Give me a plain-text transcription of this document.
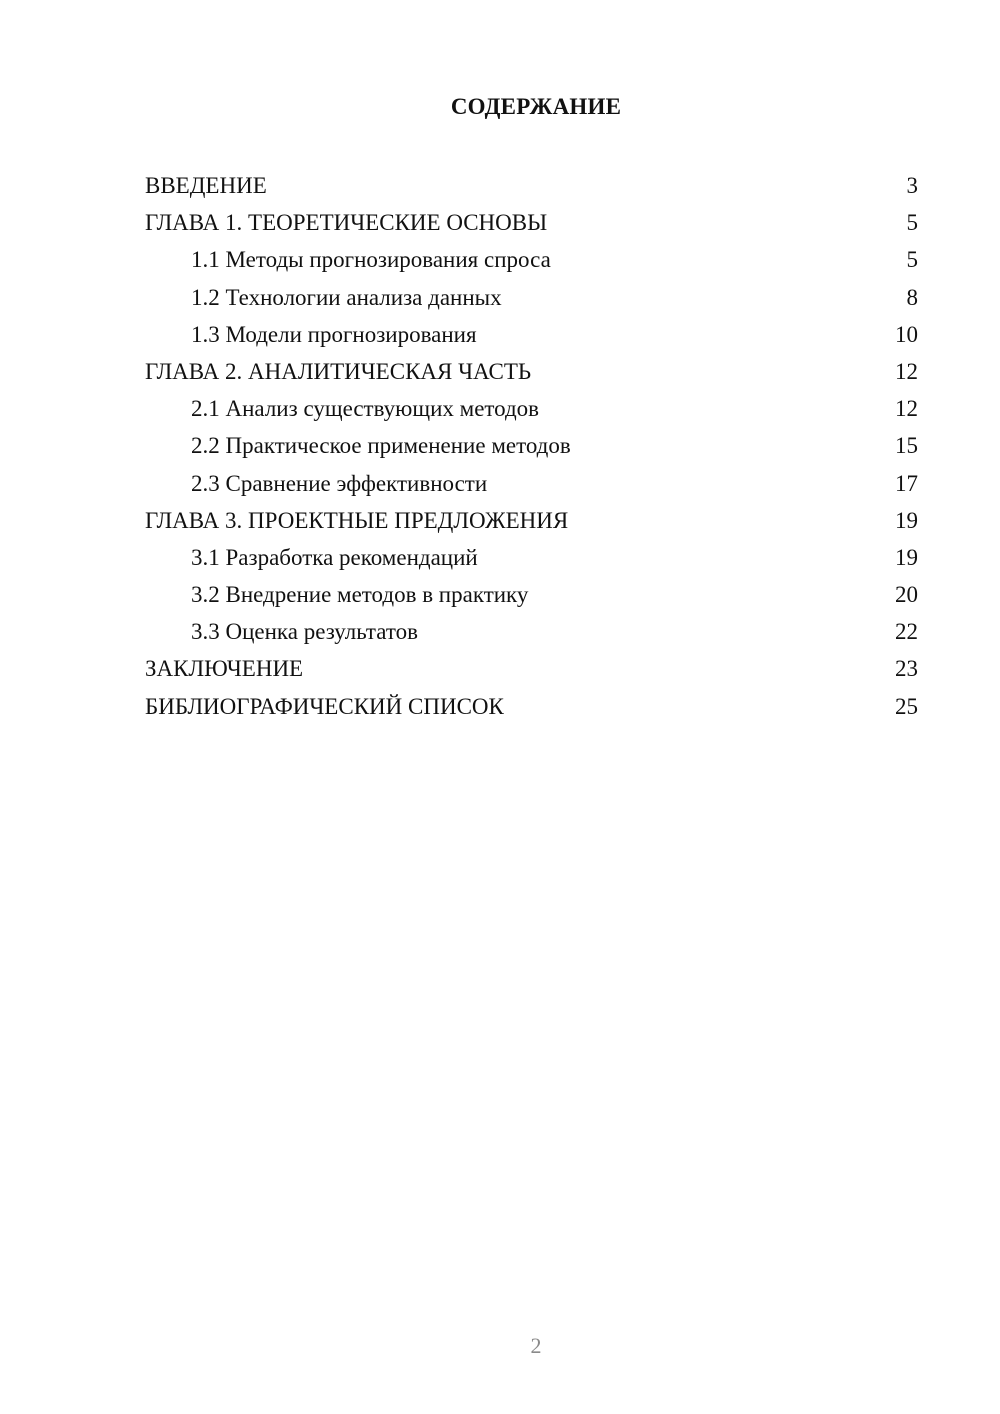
СОДЕРЖАНИЕ
ВВЕДЕНИЕ	3
ГЛАВА 1. ТЕОРЕТИЧЕСКИЕ ОСНОВЫ	5
1.1 Методы прогнозирования спроса	5
1.2 Технологии анализа данных	8
1.3 Модели прогнозирования	10
ГЛАВА 2. АНАЛИТИЧЕСКАЯ ЧАСТЬ	12
2.1 Анализ существующих методов	12
2.2 Практическое применение методов	15
2.3 Сравнение эффективности	17
ГЛАВА 3. ПРОЕКТНЫЕ ПРЕДЛОЖЕНИЯ	19
3.1 Разработка рекомендаций	19
3.2 Внедрение методов в практику	20
3.3 Оценка результатов	22
ЗАКЛЮЧЕНИЕ	23
БИБЛИОГРАФИЧЕСКИЙ СПИСОК	25
2
